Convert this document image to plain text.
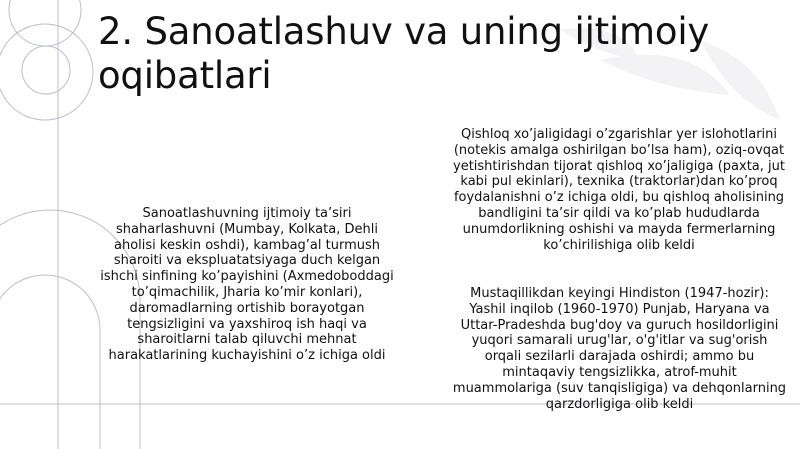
2. Sanoatlashuv va uning ijtimoiy oqibatlari

Sanoatlashuvning ijtimoiy ta’siri shaharlashuvni (Mumbay, Kolkata, Dehli aholisi keskin oshdi), kambag’al turmush sharoiti va ekspluatatsiyaga duch kelgan ishchi sinfining ko’payishini (Axmedoboddagi to’qimachilik, Jharia ko’mir konlari), daromadlarning ortishib borayotgan tengsizligini va yaxshiroq ish haqi va sharoitlarni talab qiluvchi mehnat harakatlarining kuchayishini o’z ichiga oldi

Qishloq xo’jaligidagi o’zgarishlar yer islohotlarini (notekis amalga oshirilgan bo’lsa ham), oziq-ovqat yetishtirishdan tijorat qishloq xo’jaligiga (paxta, jut kabi pul ekinlari), texnika (traktorlar)dan ko’proq foydalanishni o’z ichiga oldi, bu qishloq aholisining bandligini ta’sir qildi va ko’plab hududlarda unumdorlikning oshishi va mayda fermerlarning ko’chirilishiga olib keldi

Mustaqillikdan keyingi Hindiston (1947-hozir): Yashil inqilob (1960-1970) Punjab, Haryana va Uttar-Pradeshda bug'doy va guruch hosildorligini yuqori samarali urug'lar, o'g'itlar va sug'orish orqali sezilarli darajada oshirdi; ammo bu mintaqaviy tengsizlikka, atrof-muhit muammolariga (suv tanqisligiga) va dehqonlarning qarzdorligiga olib keldi
